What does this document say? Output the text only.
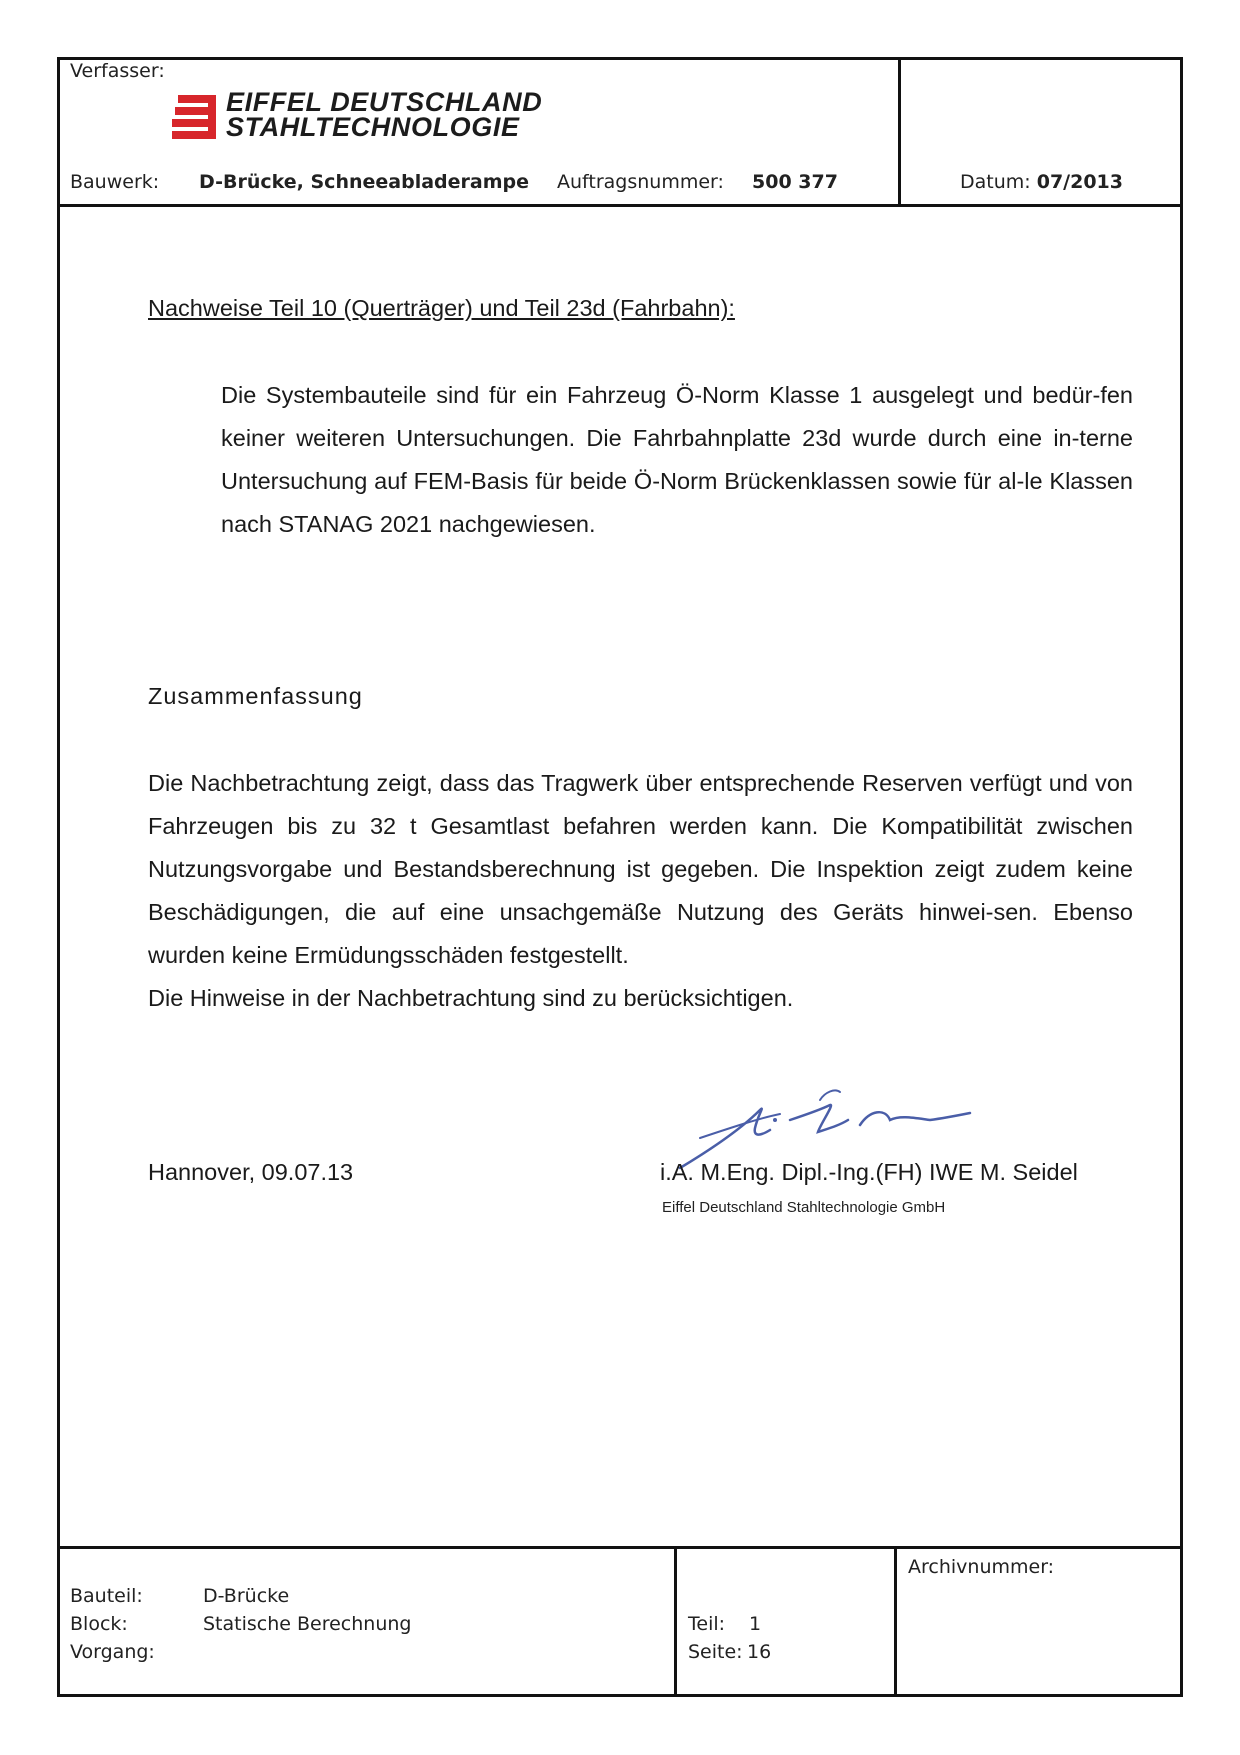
Verfasser:
EIFFEL DEUTSCHLAND
STAHLTECHNOLOGIE
Bauwerk: D-Brücke, Schneeabladerampe Auftragsnummer: 500 377	Datum: 07/2013
Nachweise Teil 10 (Querträger) und Teil 23d (Fahrbahn):
Die Systembauteile sind für ein Fahrzeug Ö-Norm Klasse 1 ausgelegt und bedür-fen keiner weiteren Untersuchungen. Die Fahrbahnplatte 23d wurde durch eine in-terne Untersuchung auf FEM-Basis für beide Ö-Norm Brückenklassen sowie für al-le Klassen nach STANAG 2021 nachgewiesen.
Zusammenfassung
Die Nachbetrachtung zeigt, dass das Tragwerk über entsprechende Reserven verfügt und von Fahrzeugen bis zu 32 t Gesamtlast befahren werden kann. Die Kompatibilität zwischen Nutzungsvorgabe und Bestandsberechnung ist gegeben. Die Inspektion zeigt zudem keine Beschädigungen, die auf eine unsachgemäße Nutzung des Geräts hinwei-sen. Ebenso wurden keine Ermüdungsschäden festgestellt.
Die Hinweise in der Nachbetrachtung sind zu berücksichtigen.
Hannover, 09.07.13	i.A. M.Eng. Dipl.-Ing.(FH) IWE M. Seidel
Eiffel Deutschland Stahltechnologie GmbH
Bauteil:	D-Brücke
Block:	Statische Berechnung
Vorgang:
Teil: 1
Seite: 16
Archivnummer:
